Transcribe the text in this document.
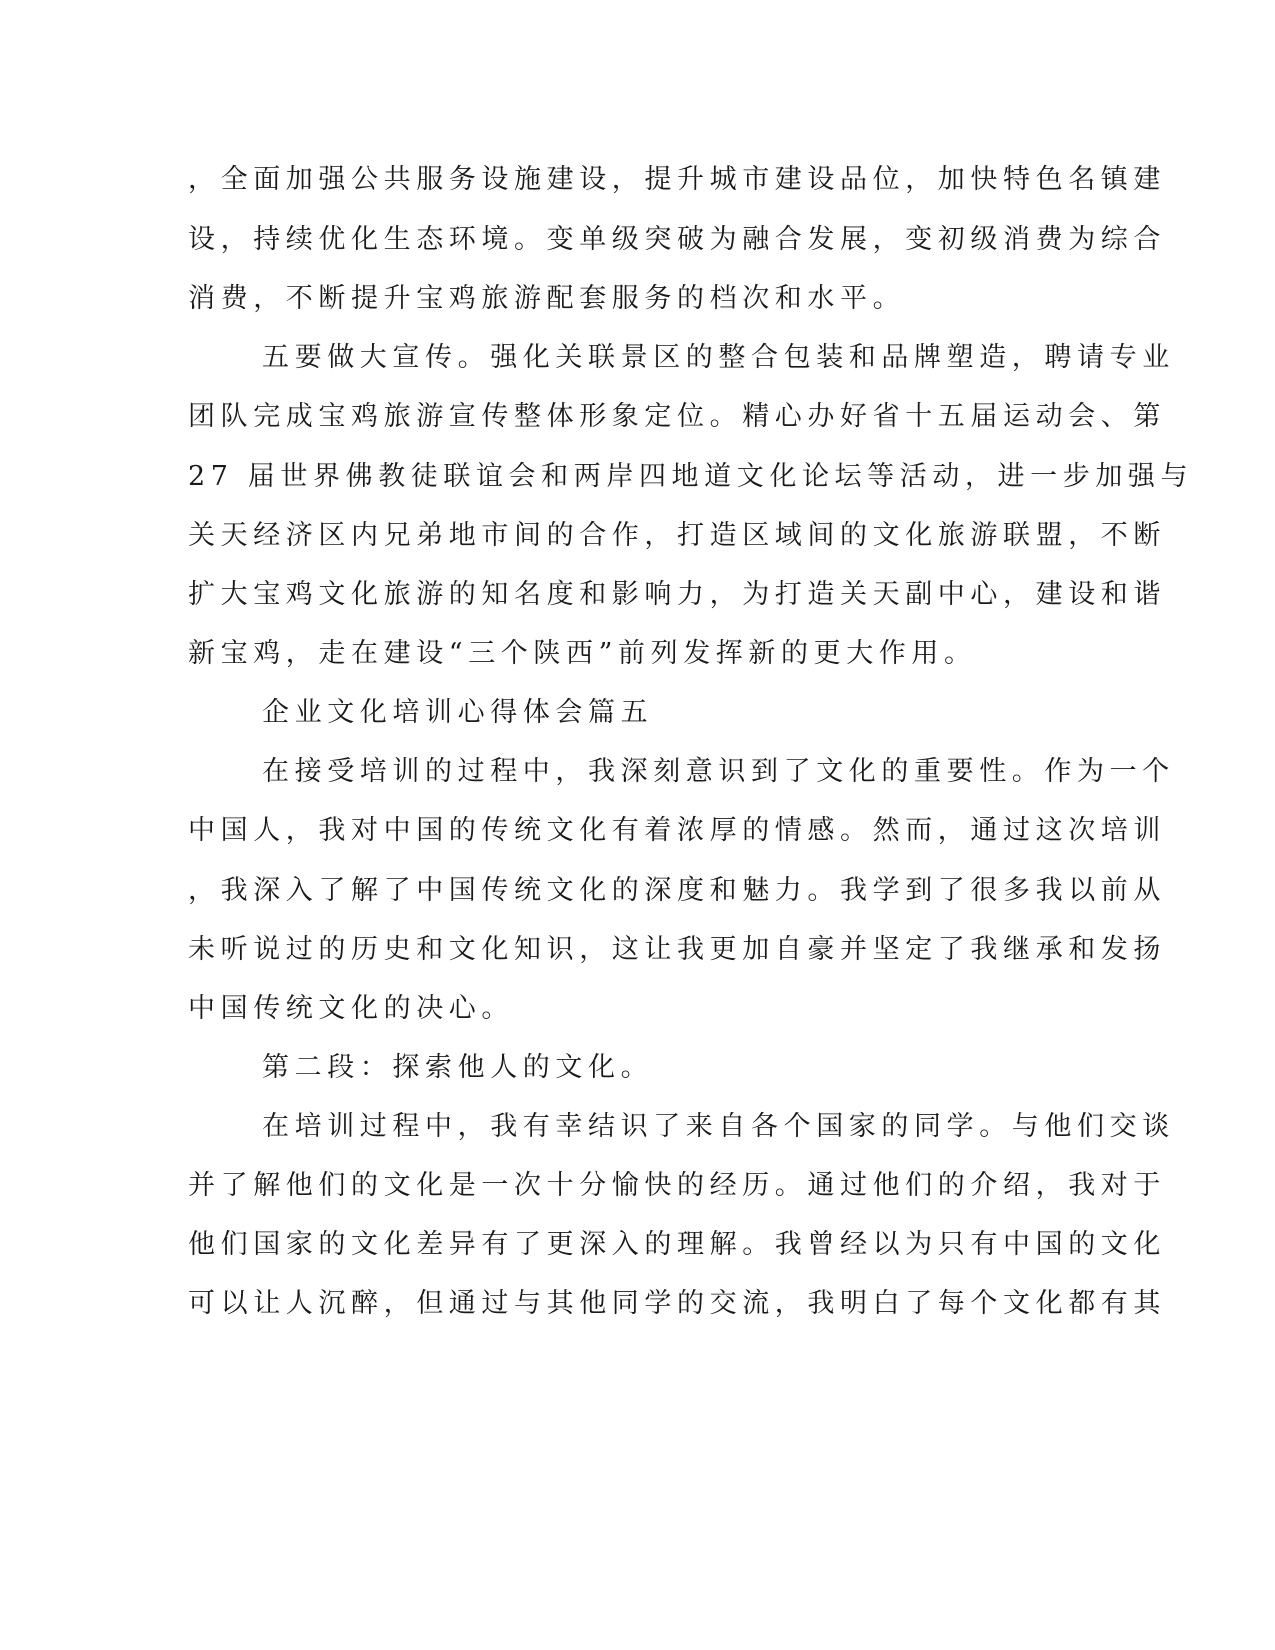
，全面加强公共服务设施建设，提升城市建设品位，加快特色名镇建
设，持续优化生态环境。变单级突破为融合发展，变初级消费为综合
消费，不断提升宝鸡旅游配套服务的档次和水平。
五要做大宣传。强化关联景区的整合包装和品牌塑造，聘请专业
团队完成宝鸡旅游宣传整体形象定位。精心办好省十五届运动会、第
27 届世界佛教徒联谊会和两岸四地道文化论坛等活动，进一步加强与
关天经济区内兄弟地市间的合作，打造区域间的文化旅游联盟，不断
扩大宝鸡文化旅游的知名度和影响力，为打造关天副中心，建设和谐
新宝鸡，走在建设“三个陕西”前列发挥新的更大作用。
企业文化培训心得体会篇五
在接受培训的过程中，我深刻意识到了文化的重要性。作为一个
中国人，我对中国的传统文化有着浓厚的情感。然而，通过这次培训
，我深入了解了中国传统文化的深度和魅力。我学到了很多我以前从
未听说过的历史和文化知识，这让我更加自豪并坚定了我继承和发扬
中国传统文化的决心。
第二段：探索他人的文化。
在培训过程中，我有幸结识了来自各个国家的同学。与他们交谈
并了解他们的文化是一次十分愉快的经历。通过他们的介绍，我对于
他们国家的文化差异有了更深入的理解。我曾经以为只有中国的文化
可以让人沉醉，但通过与其他同学的交流，我明白了每个文化都有其
